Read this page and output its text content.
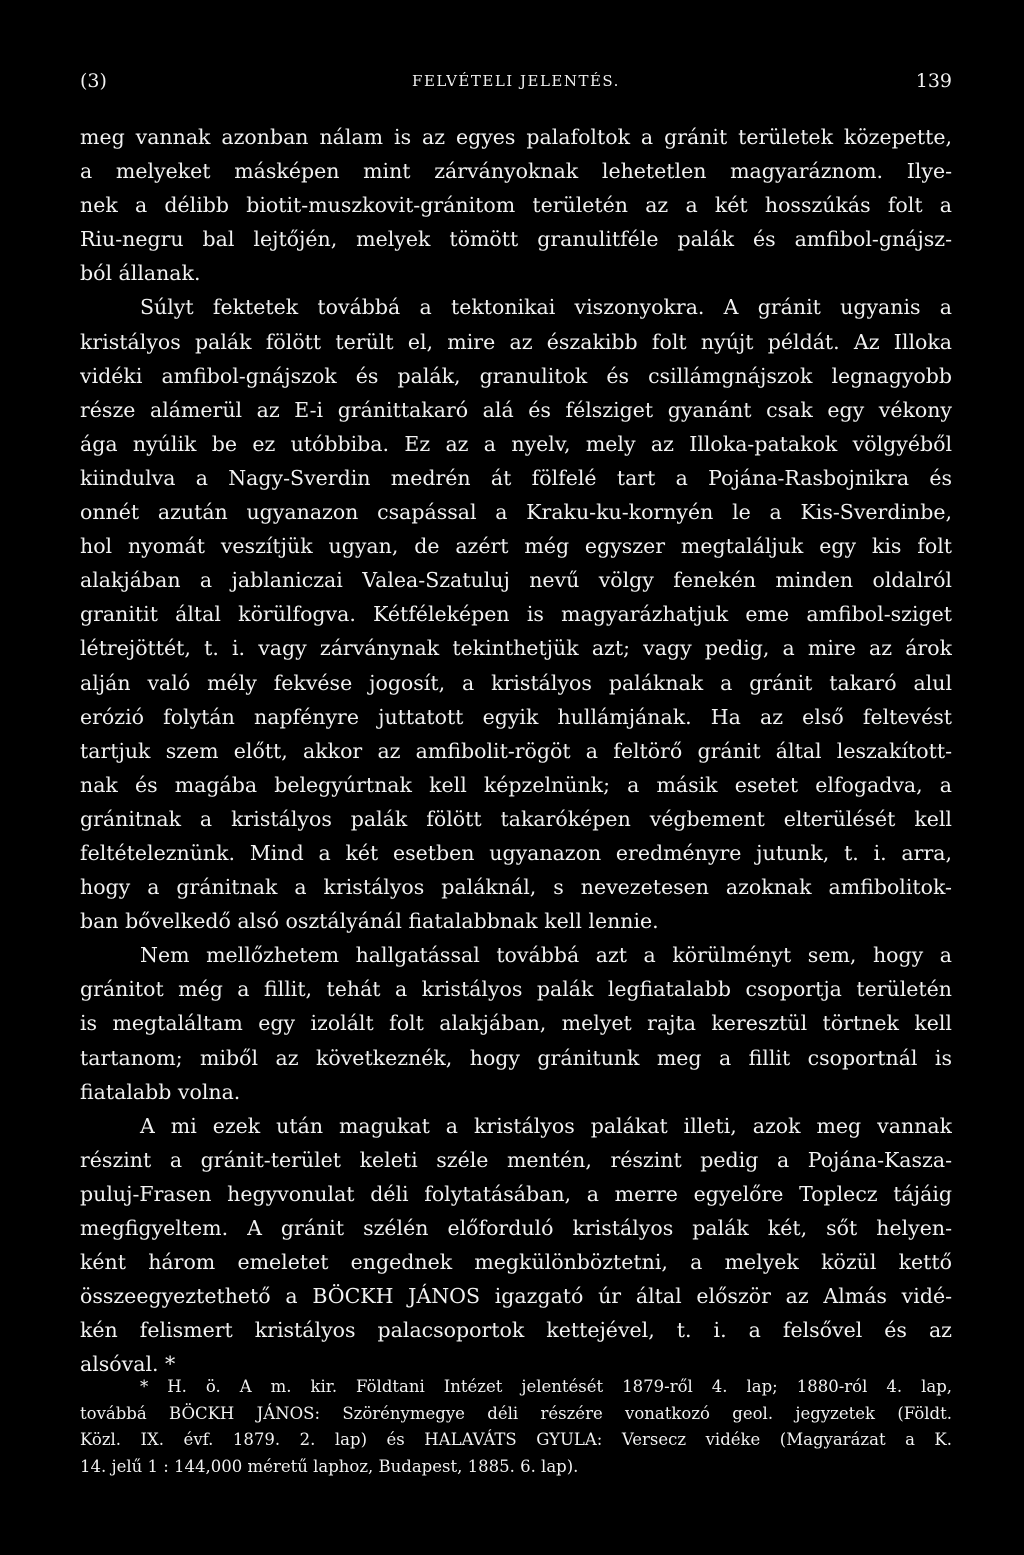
(3)	FELVÉTELI JELENTÉS.	139
meg vannak azonban nálam is az egyes palafoltok a gránit területek közepette,
a melyeket másképen mint zárványoknak lehetetlen magyaráznom. Ilye-
nek a délibb biotit-muszkovit-gránitom területén az a két hosszúkás folt a
Riu-negru bal lejtőjén, melyek tömött granulitféle palák és amfibol-gnájsz-
ból állanak.
Súlyt fektetek továbbá a tektonikai viszonyokra. A gránit ugyanis a
kristályos palák fölött terült el, mire az északibb folt nyújt példát. Az Illoka
vidéki amfibol-gnájszok és palák, granulitok és csillámgnájszok legnagyobb
része alámerül az E-i gránittakaró alá és félsziget gyanánt csak egy vékony
ága nyúlik be ez utóbbiba. Ez az a nyelv, mely az Illoka-patakok völgyéből
kiindulva a Nagy-Sverdin medrén át fölfelé tart a Pojána-Rasbojnikra és
onnét azután ugyanazon csapással a Kraku-ku-kornyén le a Kis-Sverdinbe,
hol nyomát veszítjük ugyan, de azért még egyszer megtaláljuk egy kis folt
alakjában a jablaniczai Valea-Szatuluj nevű völgy fenekén minden oldalról
granitit által körülfogva. Kétféleképen is magyarázhatjuk eme amfibol-sziget
létrejöttét, t. i. vagy zárványnak tekinthetjük azt; vagy pedig, a mire az árok
alján való mély fekvése jogosít, a kristályos paláknak a gránit takaró alul
erózió folytán napfényre juttatott egyik hullámjának. Ha az első feltevést
tartjuk szem előtt, akkor az amfibolit-rögöt a feltörő gránit által leszakított-
nak és magába belegyúrtnak kell képzelnünk; a másik esetet elfogadva, a
gránitnak a kristályos palák fölött takaróképen végbement elterülését kell
feltételeznünk. Mind a két esetben ugyanazon eredményre jutunk, t. i. arra,
hogy a gránitnak a kristályos paláknál, s nevezetesen azoknak amfibolitok-
ban bővelkedő alsó osztályánál fiatalabbnak kell lennie.
Nem mellőzhetem hallgatással továbbá azt a körülményt sem, hogy a
gránitot még a fillit, tehát a kristályos palák legfiatalabb csoportja területén
is megtaláltam egy izolált folt alakjában, melyet rajta keresztül törtnek kell
tartanom; miből az következnék, hogy gránitunk meg a fillit csoportnál is
fiatalabb volna.
A mi ezek után magukat a kristályos palákat illeti, azok meg vannak
részint a gránit-terület keleti széle mentén, részint pedig a Pojána-Kasza-
puluj-Frasen hegyvonulat déli folytatásában, a merre egyelőre Toplecz tájáig
megfigyeltem. A gránit szélén előforduló kristályos palák két, sőt helyen-
ként három emeletet engednek megkülönböztetni, a melyek közül kettő
összeegyeztethető a BÖCKH JÁNOS igazgató úr által először az Almás vidé-
kén felismert kristályos palacsoportok kettejével, t. i. a felsővel és az
alsóval. *
* H. ö. A m. kir. Földtani Intézet jelentését 1879-ről 4. lap; 1880-ról 4. lap,
továbbá BÖCKH JÁNOS: Szörénymegye déli részére vonatkozó geol. jegyzetek (Földt.
Közl. IX. évf. 1879. 2. lap) és HALAVÁTS GYULA: Versecz vidéke (Magyarázat a K.
14. jelű 1 : 144,000 méretű laphoz, Budapest, 1885. 6. lap).
